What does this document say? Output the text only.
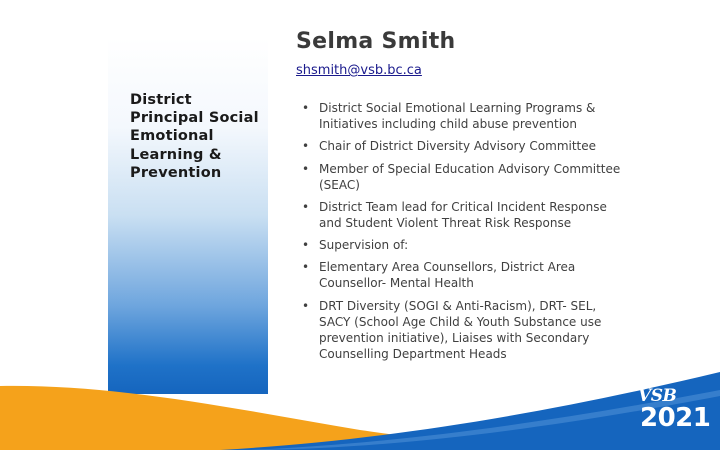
District Principal Social Emotional Learning & Prevention
Selma Smith
shsmith@vsb.bc.ca
• District Social Emotional Learning Programs & Initiatives including child abuse prevention
• Chair of District Diversity Advisory Committee
• Member of Special Education Advisory Committee (SEAC)
• District Team lead for Critical Incident Response and Student Violent Threat Risk Response
• Supervision of:
• Elementary Area Counsellors, District Area Counsellor- Mental Health
• DRT Diversity (SOGI & Anti-Racism), DRT- SEL, SACY (School Age Child & Youth Substance use prevention initiative), Liaises with Secondary Counselling Department Heads
VSB
2021
